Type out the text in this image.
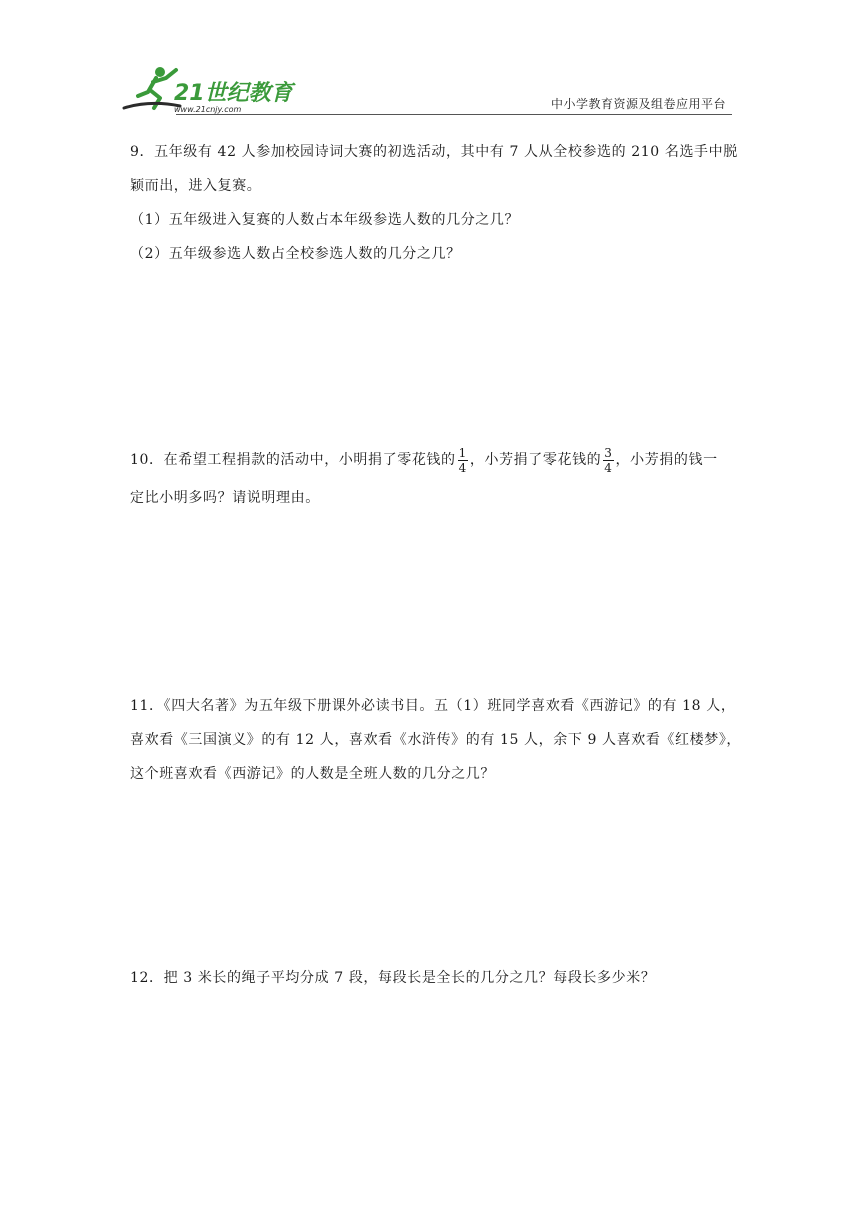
21世纪教育
www.21cnjy.com	中小学教育资源及组卷应用平台

9．五年级有 42 人参加校园诗词大赛的初选活动，其中有 7 人从全校参选的 210 名选手中脱

颖而出，进入复赛。

（1）五年级进入复赛的人数占本年级参选人数的几分之几？

（2）五年级参选人数占全校参选人数的几分之几？

10．在希望工程捐款的活动中，小明捐了零花钱的 $\frac{1}{4}$ ，小芳捐了零花钱的 $\frac{3}{4}$ ，小芳捐的钱一

定比小明多吗？请说明理由。

11．《四大名著》为五年级下册课外必读书目。五（1）班同学喜欢看《西游记》的有 18 人，

喜欢看《三国演义》的有 12 人，喜欢看《水浒传》的有 15 人，余下 9 人喜欢看《红楼梦》，

这个班喜欢看《西游记》的人数是全班人数的几分之几？

12．把 3 米长的绳子平均分成 7 段，每段长是全长的几分之几？每段长多少米？
